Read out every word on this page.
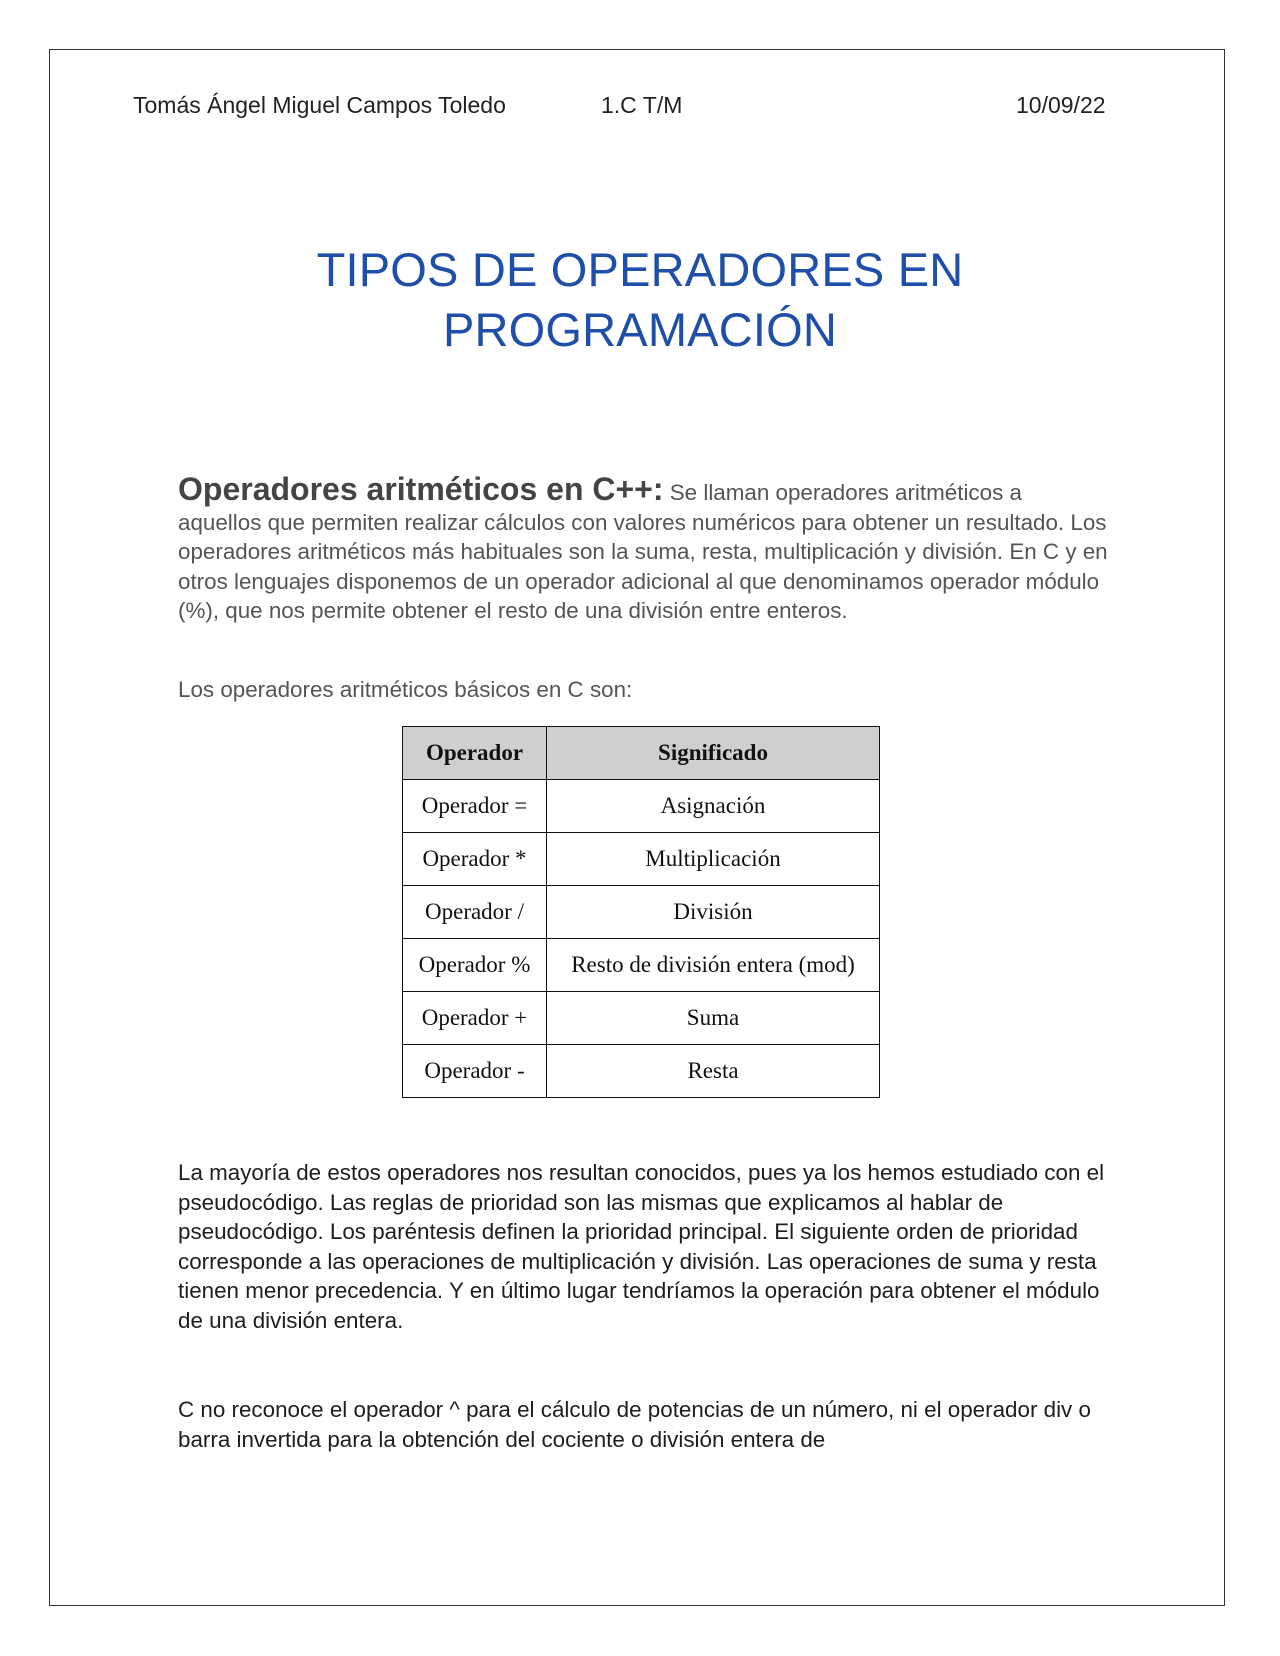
Tomás Ángel Miguel Campos Toledo	1.C T/M	10/09/22
TIPOS DE OPERADORES EN
PROGRAMACIÓN

Operadores aritméticos en C++: Se llaman operadores aritméticos a aquellos que permiten realizar cálculos con valores numéricos para obtener un resultado. Los operadores aritméticos más habituales son la suma, resta, multiplicación y división. En C y en otros lenguajes disponemos de un operador adicional al que denominamos operador módulo (%), que nos permite obtener el resto de una división entre enteros.

Los operadores aritméticos básicos en C son:
Operador	Significado
Operador =	Asignación
Operador *	Multiplicación
Operador /	División
Operador %	Resto de división entera (mod)
Operador +	Suma
Operador -	Resta
La mayoría de estos operadores nos resultan conocidos, pues ya los hemos estudiado con el pseudocódigo. Las reglas de prioridad son las mismas que explicamos al hablar de pseudocódigo. Los paréntesis definen la prioridad principal. El siguiente orden de prioridad corresponde a las operaciones de multiplicación y división. Las operaciones de suma y resta tienen menor precedencia. Y en último lugar tendríamos la operación para obtener el módulo de una división entera.
C no reconoce el operador ^ para el cálculo de potencias de un número, ni el operador div o barra invertida para la obtención del cociente o división entera de
